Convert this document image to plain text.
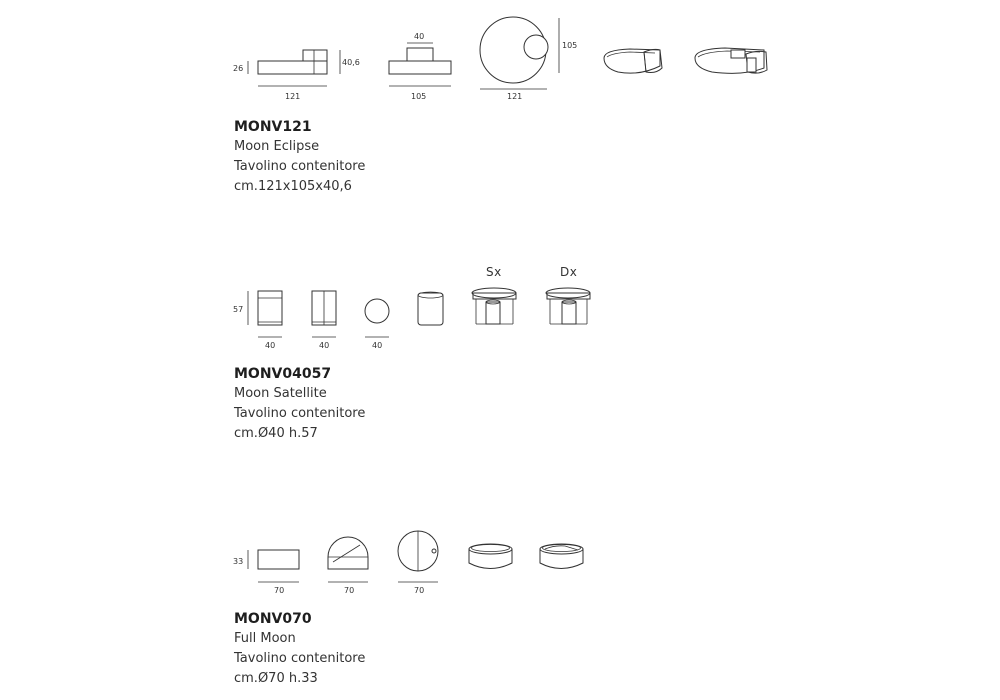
26
40,6
121
40
105	121
105
MONV121
Moon Eclipse
Tavolino contenitore
cm.121x105x40,6
57
40	40	40
Sx	Dx
MONV04057
Moon Satellite
Tavolino contenitore
cm.Ø40 h.57
33
70	70	70
MONV070
Full Moon
Tavolino contenitore
cm.Ø70 h.33
